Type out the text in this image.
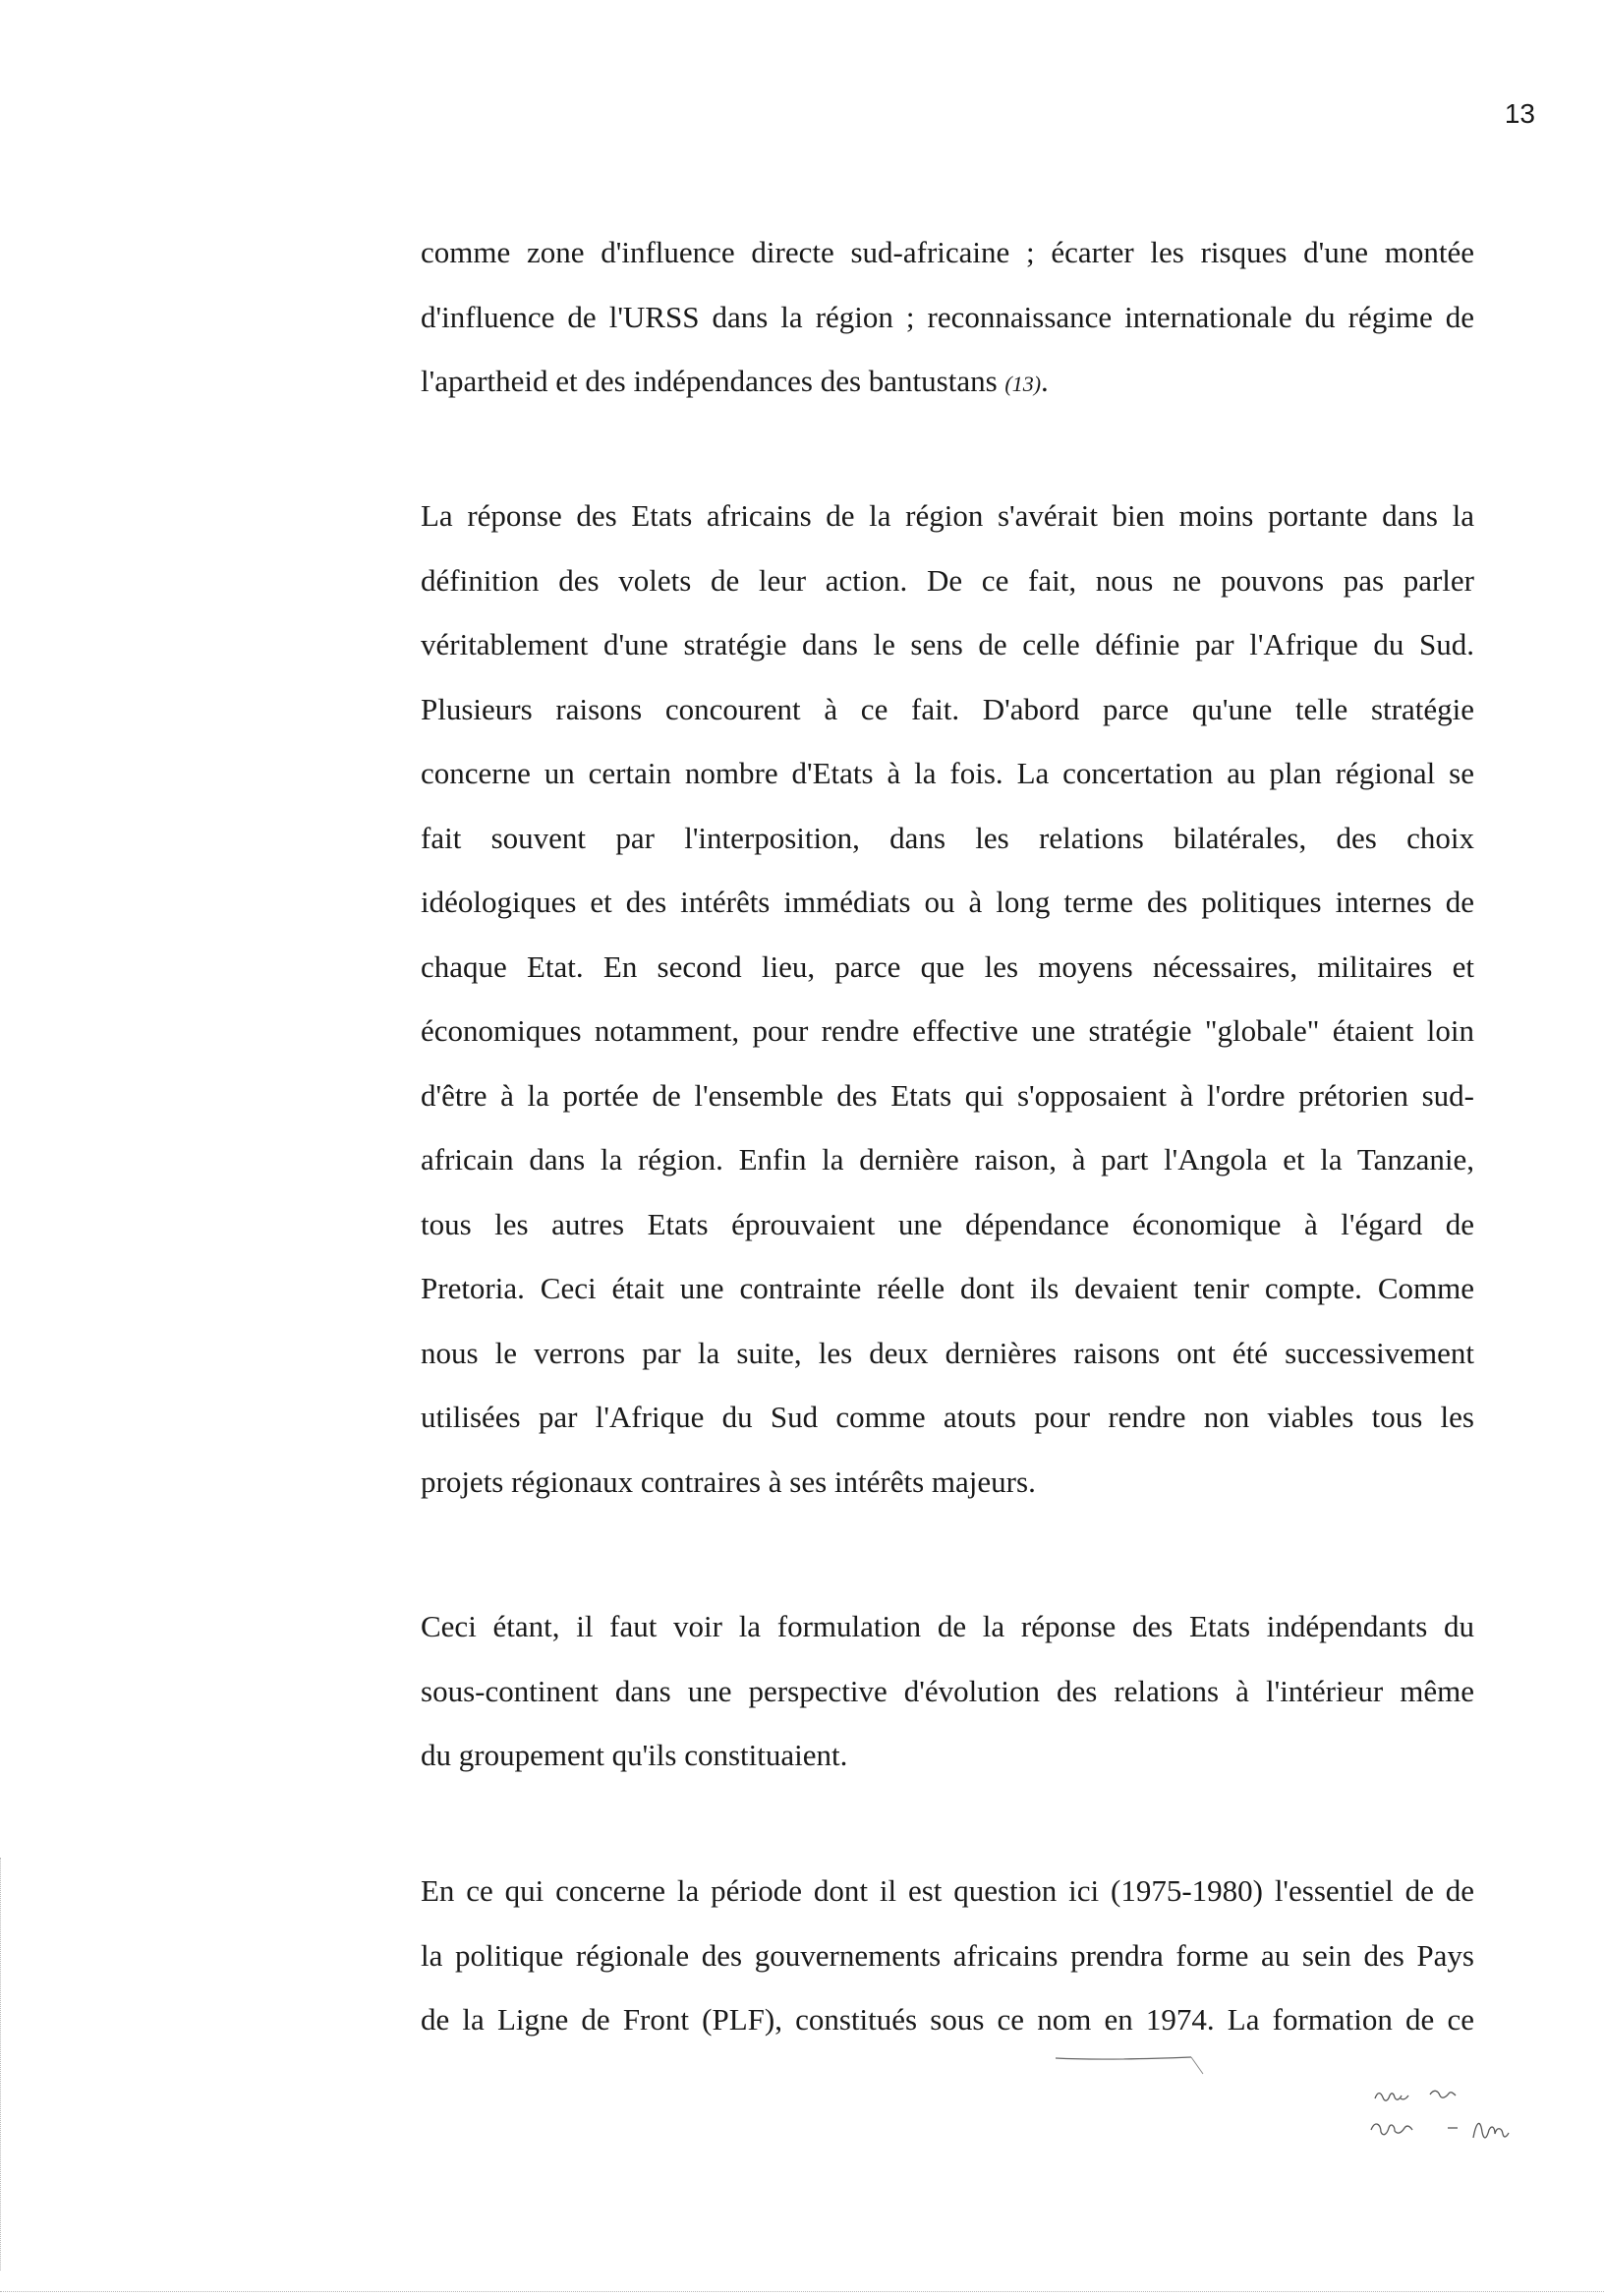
13
comme zone d'influence directe sud-africaine ; écarter les risques d'une montée
d'influence de l'URSS dans la région ; reconnaissance internationale du régime de
l'apartheid et des indépendances des bantustans (13).
La réponse des Etats africains de la région s'avérait bien moins portante dans la
définition des volets de leur action. De ce fait, nous ne pouvons pas parler
véritablement d'une stratégie dans le sens de celle définie par l'Afrique du Sud.
Plusieurs raisons concourent à ce fait. D'abord parce qu'une telle stratégie
concerne un certain nombre d'Etats à la fois. La concertation au plan régional se
fait souvent par l'interposition, dans les relations bilatérales, des choix
idéologiques et des intérêts immédiats ou à long terme des politiques internes de
chaque Etat. En second lieu, parce que les moyens nécessaires, militaires et
économiques notamment, pour rendre effective une stratégie "globale" étaient loin
d'être à la portée de l'ensemble des Etats qui s'opposaient à l'ordre prétorien sud-
africain dans la région. Enfin la dernière raison, à part l'Angola et la Tanzanie,
tous les autres Etats éprouvaient une dépendance économique à l'égard de
Pretoria. Ceci était une contrainte réelle dont ils devaient tenir compte. Comme
nous le verrons par la suite, les deux dernières raisons ont été successivement
utilisées par l'Afrique du Sud comme atouts pour rendre non viables tous les
projets régionaux contraires à ses intérêts majeurs.
Ceci étant, il faut voir la formulation de la réponse des Etats indépendants du
sous-continent dans une perspective d'évolution des relations à l'intérieur même
du groupement qu'ils constituaient.
En ce qui concerne la période dont il est question ici (1975-1980) l'essentiel de de
la politique régionale des gouvernements africains prendra forme au sein des Pays
de la Ligne de Front (PLF), constitués sous ce nom en 1974. La formation de ce
